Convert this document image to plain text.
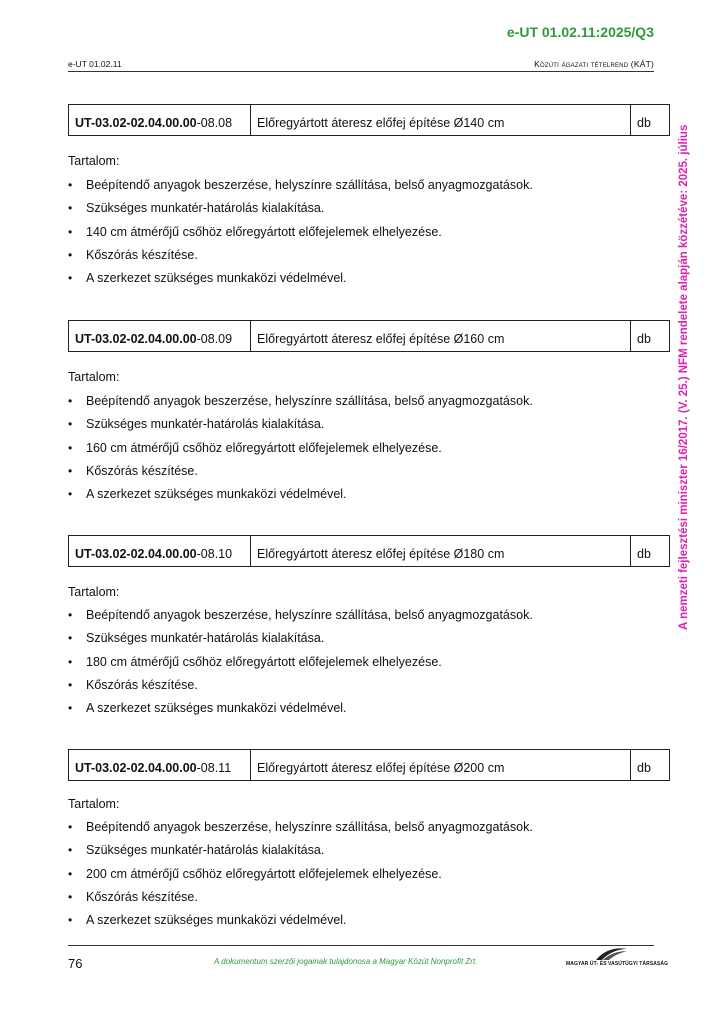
e-UT 01.02.11:2025/Q3
e-UT 01.02.11	Közúti ágazati tételrend (KÁT)
A nemzeti fejlesztési miniszter 16/2017. (V. 25.) NFM rendelete alapján közzétéve: 2025. július
UT-03.02-02.04.00.00 -08.08	Előregyártott áteresz előfej építése Ø140 cm	db
Tartalom:
• Beépítendő anyagok beszerzése, helyszínre szállítása, belső anyagmozgatások.
• Szükséges munkatér-határolás kialakítása.
• 140 cm átmérőjű csőhöz előregyártott előfejelemek elhelyezése.
• Kőszórás készítése.
• A szerkezet szükséges munkaközi védelmével.
UT-03.02-02.04.00.00 -08.09	Előregyártott áteresz előfej építése Ø160 cm	db
Tartalom:
• Beépítendő anyagok beszerzése, helyszínre szállítása, belső anyagmozgatások.
• Szükséges munkatér-határolás kialakítása.
• 160 cm átmérőjű csőhöz előregyártott előfejelemek elhelyezése.
• Kőszórás készítése.
• A szerkezet szükséges munkaközi védelmével.
UT-03.02-02.04.00.00 -08.10	Előregyártott áteresz előfej építése Ø180 cm	db
Tartalom:
• Beépítendő anyagok beszerzése, helyszínre szállítása, belső anyagmozgatások.
• Szükséges munkatér-határolás kialakítása.
• 180 cm átmérőjű csőhöz előregyártott előfejelemek elhelyezése.
• Kőszórás készítése.
• A szerkezet szükséges munkaközi védelmével.
UT-03.02-02.04.00.00 -08.11	Előregyártott áteresz előfej építése Ø200 cm	db
Tartalom:
• Beépítendő anyagok beszerzése, helyszínre szállítása, belső anyagmozgatások.
• Szükséges munkatér-határolás kialakítása.
• 200 cm átmérőjű csőhöz előregyártott előfejelemek elhelyezése.
• Kőszórás készítése.
• A szerkezet szükséges munkaközi védelmével.
76	A dokumentum szerzői jogainak tulajdonosa a Magyar Közút Nonprofit Zrt.	MAGYAR ÚT- ÉS VASÚTÜGYI TÁRSASÁG
